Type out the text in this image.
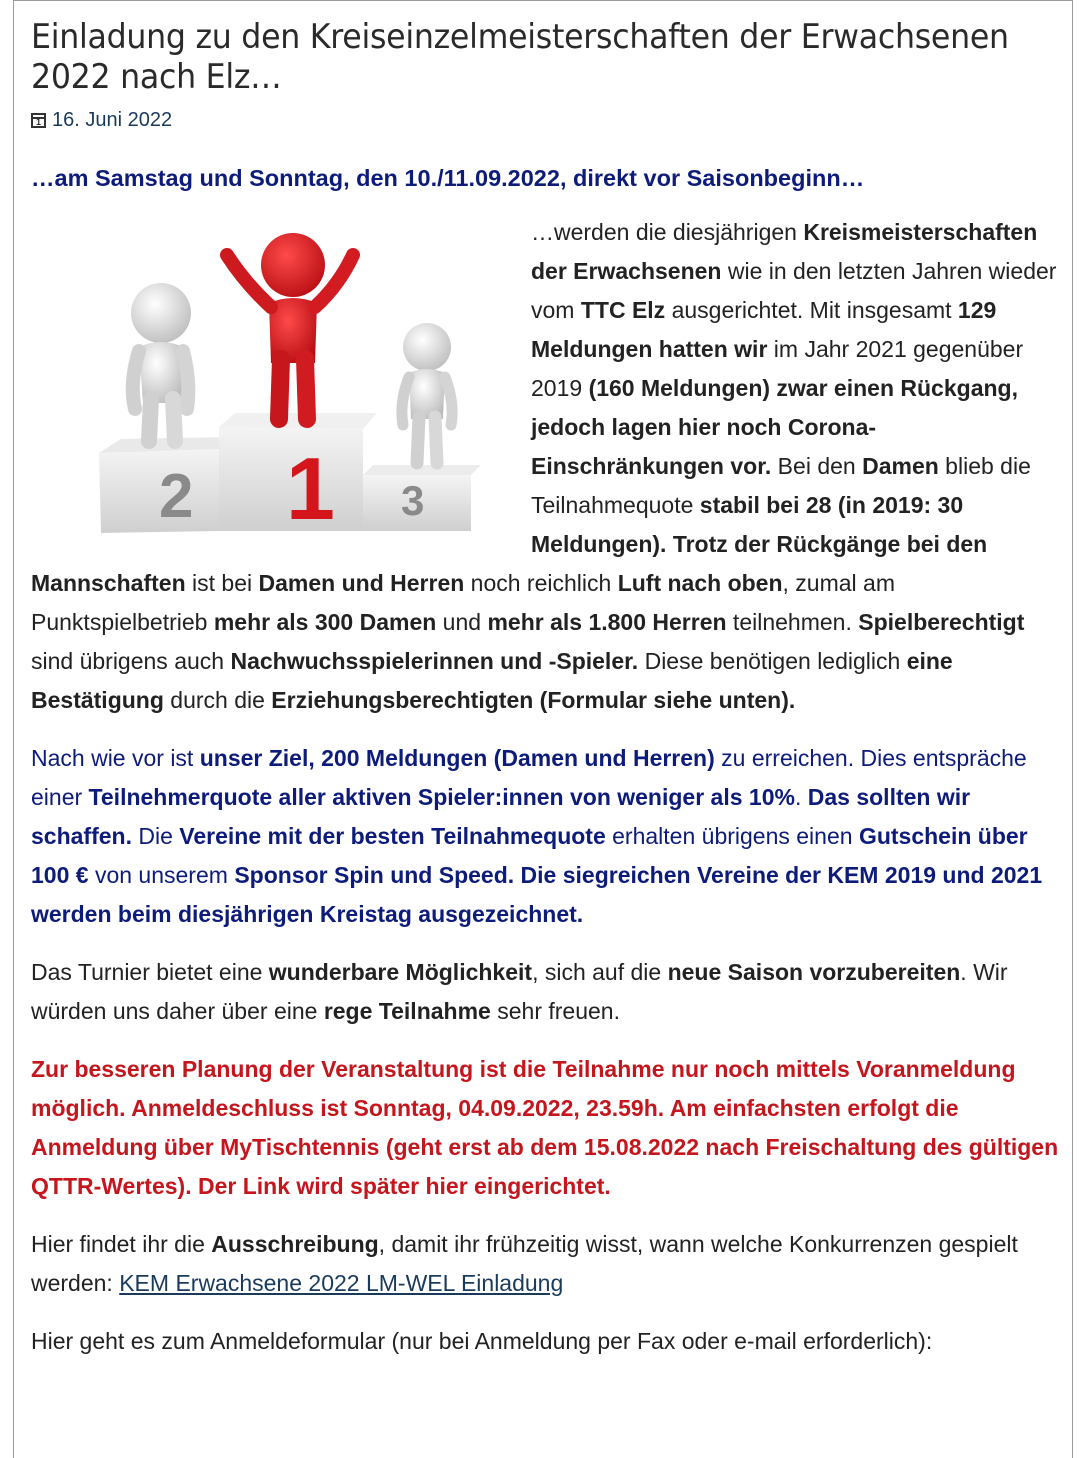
Einladung zu den Kreiseinzelmeisterschaften der Erwachsenen 2022 nach Elz…
1
16. Juni 2022
…am Samstag und Sonntag, den 10./11.09.2022, direkt vor Saisonbeginn…
2 1 3

…werden die diesjährigen Kreismeisterschaften der Erwachsenen wie in den letzten Jahren wieder vom TTC Elz ausgerichtet. Mit insgesamt 129 Meldungen hatten wir im Jahr 2021 gegenüber 2019 (160 Meldungen) zwar einen Rückgang, jedoch lagen hier noch Corona-Einschränkungen vor. Bei den Damen blieb die Teilnahmequote stabil bei 28 (in 2019: 30 Meldungen). Trotz der Rückgänge bei den Mannschaften ist bei Damen und Herren noch reichlich Luft nach oben, zumal am Punktspielbetrieb mehr als 300 Damen und mehr als 1.800 Herren teilnehmen. Spielberechtigt sind übrigens auch Nachwuchsspielerinnen und -Spieler. Diese benötigen lediglich eine Bestätigung durch die Erziehungsberechtigten (Formular siehe unten).

Nach wie vor ist unser Ziel, 200 Meldungen (Damen und Herren) zu erreichen. Dies entspräche einer Teilnehmerquote aller aktiven Spieler:innen von weniger als 10%. Das sollten wir schaffen. Die Vereine mit der besten Teilnahmequote erhalten übrigens einen Gutschein über 100 € von unserem Sponsor Spin und Speed. Die siegreichen Vereine der KEM 2019 und 2021 werden beim diesjährigen Kreistag ausgezeichnet.

Das Turnier bietet eine wunderbare Möglichkeit, sich auf die neue Saison vorzubereiten. Wir würden uns daher über eine rege Teilnahme sehr freuen.

Zur besseren Planung der Veranstaltung ist die Teilnahme nur noch mittels Voranmeldung möglich. Anmeldeschluss ist Sonntag, 04.09.2022, 23.59h. Am einfachsten erfolgt die Anmeldung über MyTischtennis (geht erst ab dem 15.08.2022 nach Freischaltung des gültigen QTTR-Wertes). Der Link wird später hier eingerichtet.

Hier findet ihr die Ausschreibung, damit ihr frühzeitig wisst, wann welche Konkurrenzen gespielt werden: KEM Erwachsene 2022 LM-WEL Einladung

Hier geht es zum Anmeldeformular (nur bei Anmeldung per Fax oder e-mail erforderlich):
